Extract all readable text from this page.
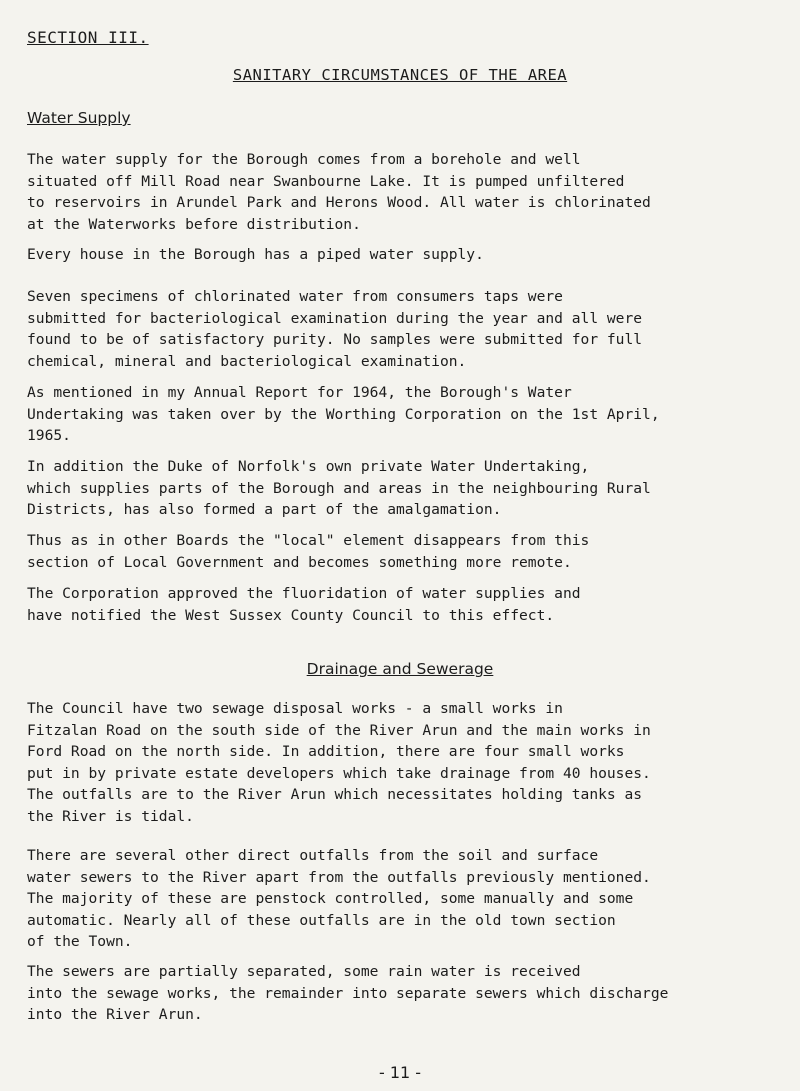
SECTION III.
SANITARY CIRCUMSTANCES OF THE AREA
Water Supply

The water supply for the Borough comes from a borehole and well
situated off Mill Road near Swanbourne Lake. It is pumped unfiltered
to reservoirs in Arundel Park and Herons Wood. All water is chlorinated
at the Waterworks before distribution.

Every house in the Borough has a piped water supply.

Seven specimens of chlorinated water from consumers taps were
submitted for bacteriological examination during the year and all were
found to be of satisfactory purity. No samples were submitted for full
chemical, mineral and bacteriological examination.

As mentioned in my Annual Report for 1964, the Borough's Water
Undertaking was taken over by the Worthing Corporation on the 1st April,
1965.

In addition the Duke of Norfolk's own private Water Undertaking,
which supplies parts of the Borough and areas in the neighbouring Rural
Districts, has also formed a part of the amalgamation.

Thus as in other Boards the "local" element disappears from this
section of Local Government and becomes something more remote.

The Corporation approved the fluoridation of water supplies and
have notified the West Sussex County Council to this effect.

Drainage and Sewerage

The Council have two sewage disposal works - a small works in
Fitzalan Road on the south side of the River Arun and the main works in
Ford Road on the north side. In addition, there are four small works
put in by private estate developers which take drainage from 40 houses.
The outfalls are to the River Arun which necessitates holding tanks as
the River is tidal.

There are several other direct outfalls from the soil and surface
water sewers to the River apart from the outfalls previously mentioned.
The majority of these are penstock controlled, some manually and some
automatic. Nearly all of these outfalls are in the old town section
of the Town.

The sewers are partially separated, some rain water is received
into the sewage works, the remainder into separate sewers which discharge
into the River Arun.

- 11 -
